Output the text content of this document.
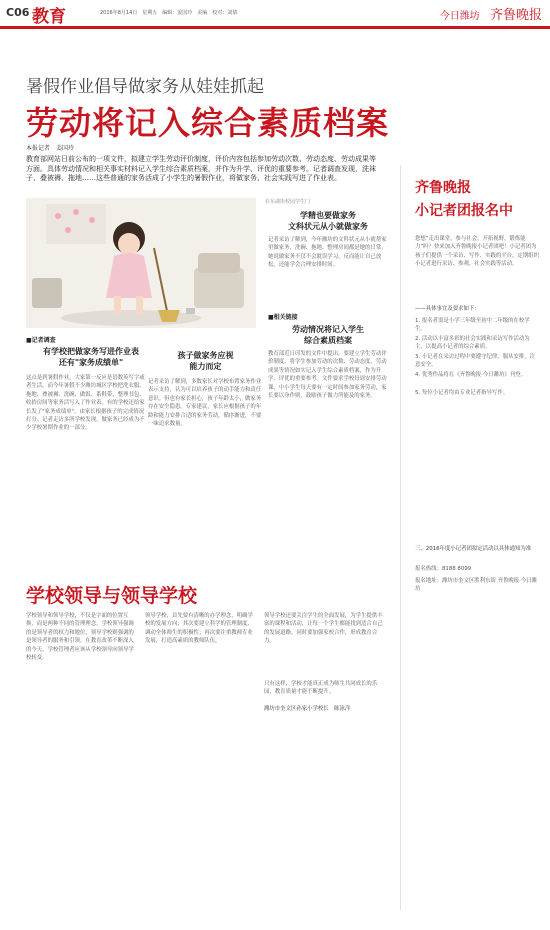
C06 教育	2016年8月14日　星期五　编辑：姜国玲　美编　校对：刘倩	今日潍坊 齐鲁晚报
暑假作业倡导做家务从娃娃抓起
劳动将记入综合素质档案
本报记者　姜国玲
教育部网站日前公布的一项文件，拟建立学生劳动评价制度，评价内容包括参加劳动次数、劳动态度、劳动成果等方面。具体劳动情况和相关事实材料记入学生综合素质档案，并作为升学、评优的重要参考。记者调查发现，洗袜子、叠被褥、拖地……这些普通的家务活成了小学生的暑假作业，将做家务、社会实践写进了作业表。
在东湖街校园学生门
■记者调查
有学校把做家务写进作业表
还有"家务成绩单"
这点是到暑假作业，大家第一反应是语数英写字或者生活，而今年暑假不少潍坊城区学校把洗衣服、拖地、叠被褥、洗碗、做饭、系鞋带、整理书包、收拾房间等家务活写入了作业表。有的学校还给家长发了"家务成绩单"，由家长根据孩子的完成情况打分。记者走访多所学校发现，做家务已经成为不少学校暑期作业的一部分。
孩子做家务应视
能力而定
记者采访了解到，多数家长对学校布置家务作业表示支持，认为可以培养孩子的动手能力和责任意识。但也有家长担心，孩子年龄太小，做家务存在安全隐患。专家建议，家长应根据孩子的年龄和能力安排合适的家务劳动，循序渐进，不要一味追求数量。
学精也要做家务
文科状元从小就做家务
记者采访了解到，今年潍坊的文科状元从小就帮家里做家务，洗碗、拖地、整理房间都是她的日常。她说做家务不仅不会耽误学习，反而能让自己放松，还能学会合理安排时间。
■相关链接
劳动情况将记入学生
综合素质档案
教育部近日印发的文件中提出，要建立学生劳动评价制度，将学生参加劳动的次数、劳动态度、劳动成果等情况如实记入学生综合素质档案，作为升学、评优的重要参考。文件要求学校每周安排劳动课，中小学生每天要有一定时间参加家务劳动，家长要以身作则，鼓励孩子做力所能及的家务。
齐鲁晚报
小记者团报名中
您想“走出课堂，参与社会，开拓视野，锻炼能力”吗？快来加入齐鲁晚报小记者团吧！小记者团为孩子们提供一个采访、写作、实践的平台，定期组织小记者进行采访、参观、社会实践等活动。
——具体事宜及要求如下：
1. 报名者需是小学三年级至初中二年级的在校学生。
2. 活动以丰富多彩的社会实践和采访写作活动为主，以提高小记者的综合素质。
3. 小记者在采访过程中要遵守纪律，服从安排，注意安全。
4. 优秀作品将在《齐鲁晚报·今日潍坊》刊登。
5. 每位小记者均由专业记者指导写作。
三、2016年度小记者团拟定活动以具体通知为准
报名热线：8188 8099
报名地址：潍坊市奎文区胜利东街 齐鲁晚报·今日潍坊
学校领导与领导学校
学校领导和领导学校，不仅是字面的位置互换，而是两种不同的管理理念。学校领导强调的是领导者的权力和地位，领导学校则强调的是领导者的服务和引领。在教育改革不断深入的今天，学校管理者应该从学校领导向领导学校转变。
领导学校，首先要有清晰的办学理念，明确学校的发展方向；其次要建立科学的管理制度，调动全体师生的积极性；再次要注重教师专业发展，打造高素质的教师队伍。
领导学校还要关注学生的全面发展，为学生提供丰富的课程和活动，让每一个学生都能找到适合自己的发展道路。同时要加强家校合作，形成教育合力。
只有这样，学校才能真正成为师生共同成长的乐园，教育质量才能不断提升。
潍坊市奎文区孙家小学校长　陈泳洋
